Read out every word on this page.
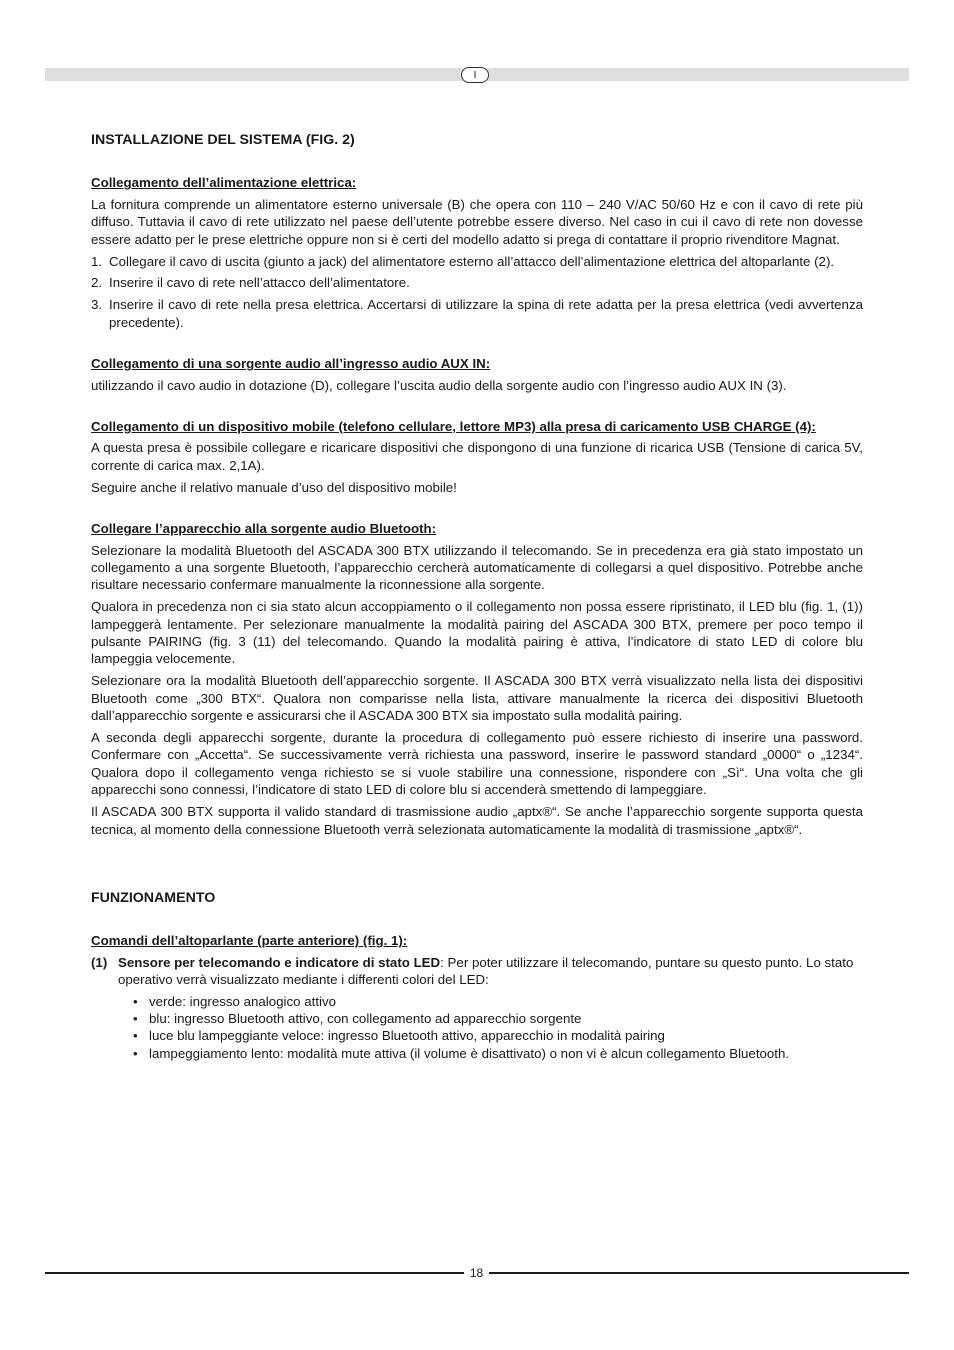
I
INSTALLAZIONE DEL SISTEMA (FIG. 2)
Collegamento dell’alimentazione elettrica:

La fornitura comprende un alimentatore esterno universale (B) che opera con 110 – 240 V/AC 50/60 Hz e con il cavo di rete più diffuso. Tuttavia il cavo di rete utilizzato nel paese dell’utente potrebbe essere diverso. Nel caso in cui il cavo di rete non dovesse essere adatto per le prese elettriche oppure non si è certi del modello adatto si prega di contattare il proprio rivenditore Magnat.

1. Collegare il cavo di uscita (giunto a jack) del alimentatore esterno all’attacco dell’alimentazione elettrica del altoparlante (2).
2. Inserire il cavo di rete nell’attacco dell’alimentatore.
3. Inserire il cavo di rete nella presa elettrica. Accertarsi di utilizzare la spina di rete adatta per la presa elettrica (vedi avvertenza precedente).
Collegamento di una sorgente audio all’ingresso audio AUX IN:

utilizzando il cavo audio in dotazione (D), collegare l’uscita audio della sorgente audio con l’ingresso audio AUX IN (3).

Collegamento di un dispositivo mobile (telefono cellulare, lettore MP3) alla presa di caricamento USB CHARGE (4):

A questa presa è possibile collegare e ricaricare dispositivi che dispongono di una funzione di ricarica USB (Tensione di carica 5V, corrente di carica max. 2,1A).

Seguire anche il relativo manuale d’uso del dispositivo mobile!

Collegare l’apparecchio alla sorgente audio Bluetooth:

Selezionare la modalità Bluetooth del ASCADA 300 BTX utilizzando il telecomando. Se in precedenza era già stato impostato un collegamento a una sorgente Bluetooth, l’apparecchio cercherà automaticamente di collegarsi a quel dispositivo. Potrebbe anche risultare necessario confermare manualmente la riconnessione alla sorgente.

Qualora in precedenza non ci sia stato alcun accoppiamento o il collegamento non possa essere ripristinato, il LED blu (fig. 1, (1)) lampeggerà lentamente. Per selezionare manualmente la modalità pairing del ASCADA 300 BTX, premere per poco tempo il pulsante PAIRING (fig. 3 (11) del telecomando. Quando la modalità pairing è attiva, l’indicatore di stato LED di colore blu lampeggia velocemente.

Selezionare ora la modalità Bluetooth dell’apparecchio sorgente. Il ASCADA 300 BTX verrà visualizzato nella lista dei dispositivi Bluetooth come „300 BTX“. Qualora non comparisse nella lista, attivare manualmente la ricerca dei dispositivi Bluetooth dall’apparecchio sorgente e assicurarsi che il ASCADA 300 BTX sia impostato sulla modalità pairing.

A seconda degli apparecchi sorgente, durante la procedura di collegamento può essere richiesto di inserire una password. Confermare con „Accetta“. Se successivamente verrà richiesta una password, inserire le password standard „0000“ o „1234“. Qualora dopo il collegamento venga richiesto se si vuole stabilire una connessione, rispondere con „Sì“. Una volta che gli apparecchi sono connessi, l’indicatore di stato LED di colore blu si accenderà smettendo di lampeggiare.

Il ASCADA 300 BTX supporta il valido standard di trasmissione audio „aptx®“. Se anche l’apparecchio sorgente supporta questa tecnica, al momento della connessione Bluetooth verrà selezionata automaticamente la modalità di trasmissione „aptx®“.

FUNZIONAMENTO
Comandi dell’altoparlante (parte anteriore) (fig. 1):
(1) Sensore per telecomando e indicatore di stato LED: Per poter utilizzare il telecomando, puntare su questo punto. Lo stato operativo verrà visualizzato mediante i differenti colori del LED:
• verde: ingresso analogico attivo
• blu: ingresso Bluetooth attivo, con collegamento ad apparecchio sorgente
• luce blu lampeggiante veloce: ingresso Bluetooth attivo, apparecchio in modalità pairing
• lampeggiamento lento: modalità mute attiva (il volume è disattivato) o non vi è alcun collegamento Bluetooth.
18
